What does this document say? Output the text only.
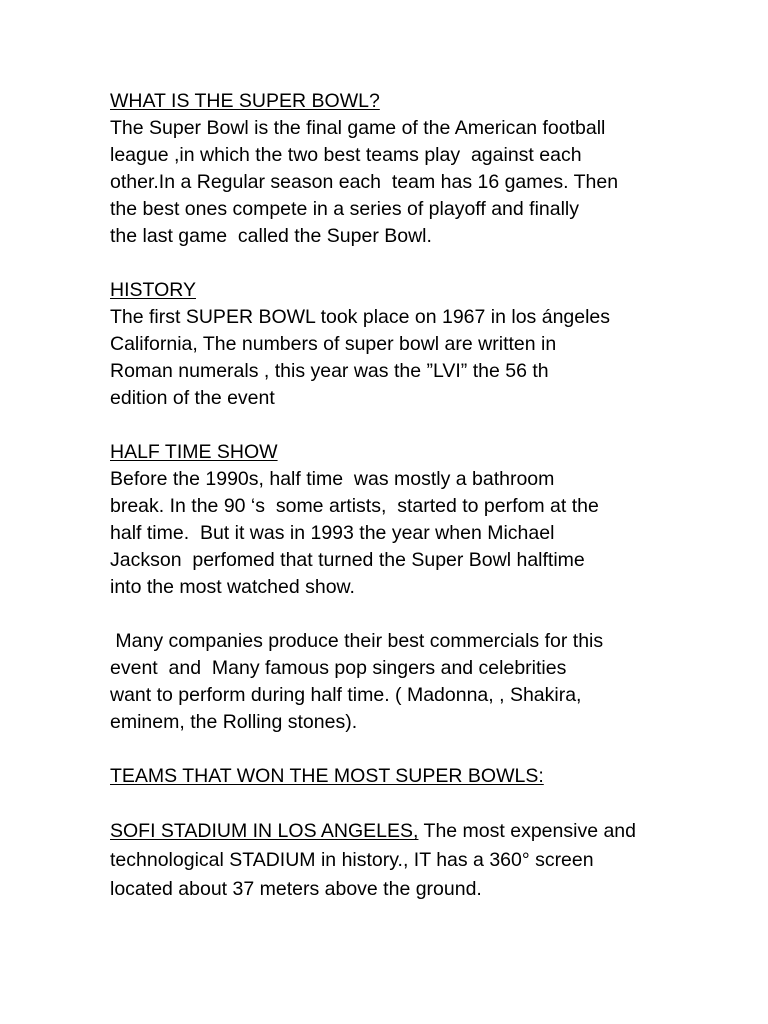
WHAT IS THE SUPER BOWL?
The Super Bowl is the final game of the American football
league ,in which the two best teams play  against each
other.In a Regular season each  team has 16 games. Then
the best ones compete in a series of playoff and finally
the last game  called the Super Bowl.
HISTORY
The first SUPER BOWL took place on 1967 in los ángeles
California, The numbers of super bowl are written in
Roman numerals , this year was the ”LVI” the 56 th
edition of the event
HALF TIME SHOW
Before the 1990s, half time  was mostly a bathroom
break. In the 90 ‘s  some artists,  started to perfom at the
half time.  But it was in 1993 the year when Michael
Jackson  perfomed that turned the Super Bowl halftime
into the most watched show.
Many companies produce their best commercials for this
event  and  Many famous pop singers and celebrities
want to perform during half time. ( Madonna, , Shakira,
eminem, the Rolling stones).
TEAMS THAT WON THE MOST SUPER BOWLS:
SOFI STADIUM IN LOS ANGELES, The most expensive and
technological STADIUM in history., IT has a 360° screen
located about 37 meters above the ground.
